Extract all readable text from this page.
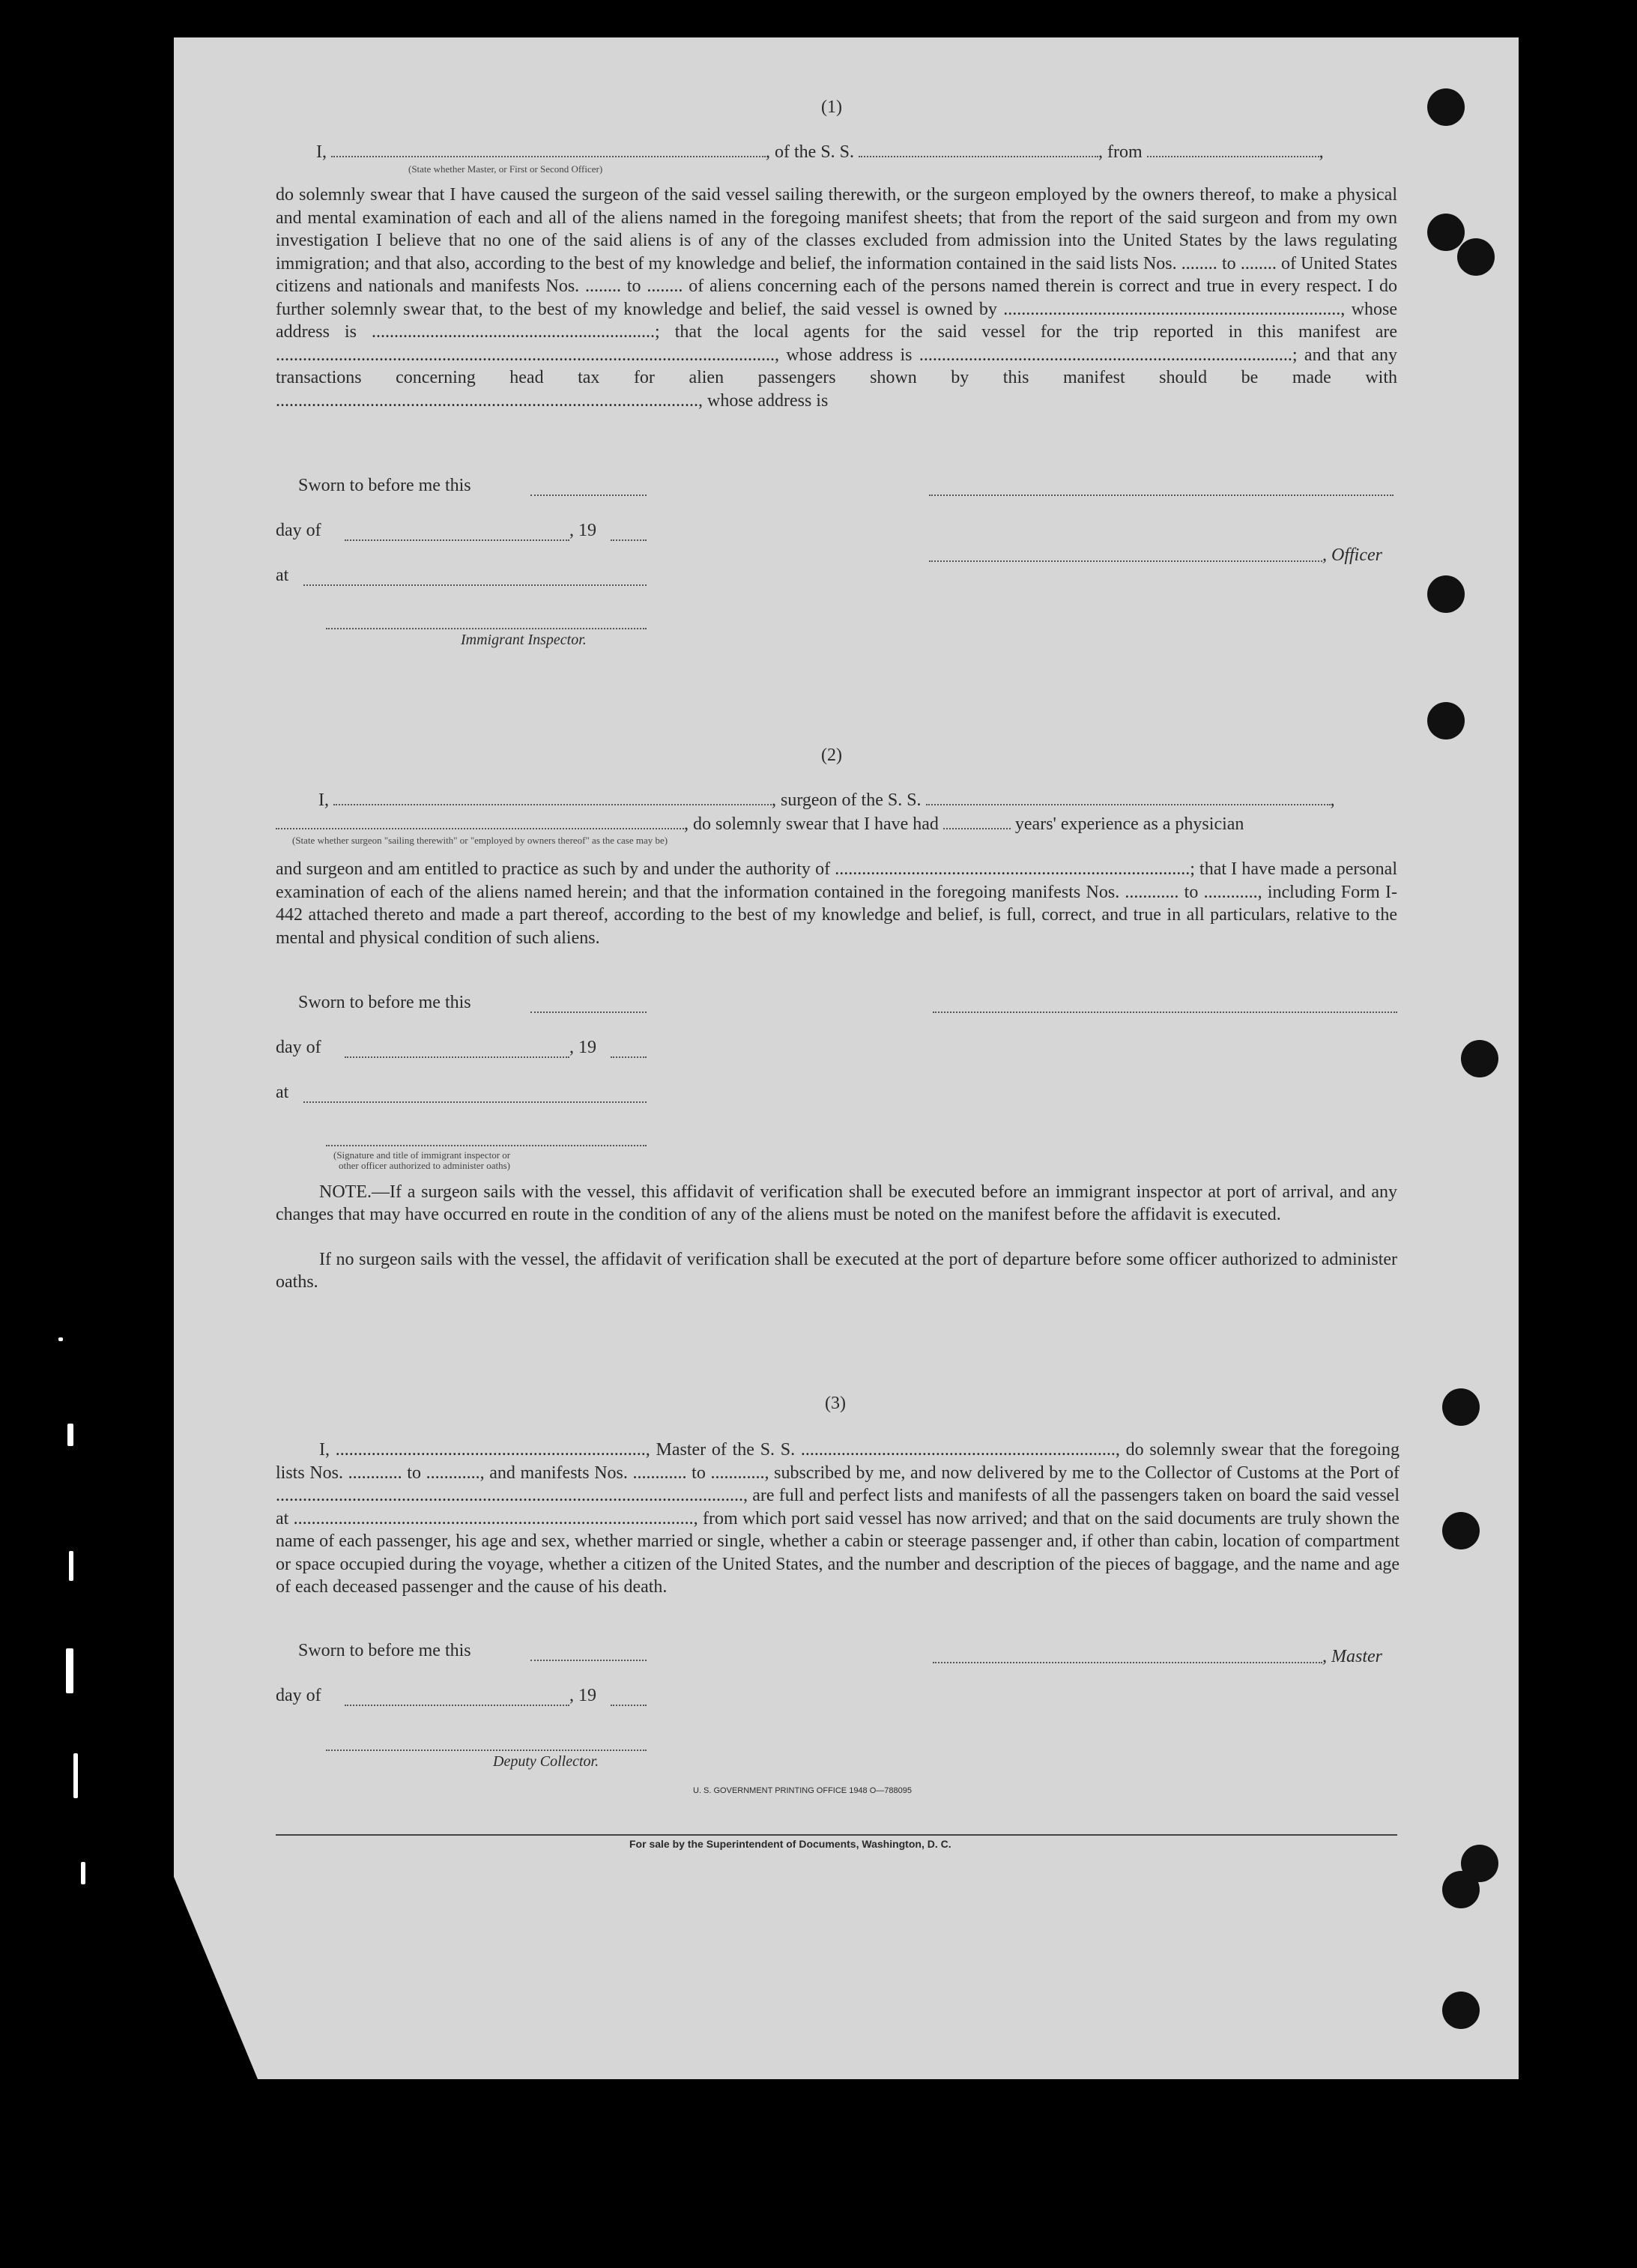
(1)
I,	, of the S. S.	, from	,
(State whether Master, or First or Second Officer)
do solemnly swear that I have caused the surgeon of the said vessel sailing therewith, or the surgeon employed by the owners thereof, to make a physical and mental examination of each and all of the aliens named in the foregoing manifest sheets; that from the report of the said surgeon and from my own investigation I believe that no one of the said aliens is of any of the classes excluded from admission into the United States by the laws regulating immigration; and that also, according to the best of my knowledge and belief, the information contained in the said lists Nos. ........ to ........ of United States citizens and nationals and manifests Nos. ........ to ........ of aliens concerning each of the persons named therein is correct and true in every respect. I do further solemnly swear that, to the best of my knowledge and belief, the said vessel is owned by ..........................................................................., whose address is ...............................................................; that the local agents for the said vessel for the trip reported in this manifest are ..............................................................................................................., whose address is ...................................................................................; and that any transactions concerning head tax for alien passengers shown by this manifest should be made with .............................................................................................., whose address is
Sworn to before me this
day of	, 19
, Officer
at
Immigrant Inspector.
(2)
I,	, surgeon of the S. S.	,
, do solemnly swear that I have had	years' experience as a physician
(State whether surgeon "sailing therewith" or "employed by owners thereof" as the case may be)
and surgeon and am entitled to practice as such by and under the authority of ...............................................................................; that I have made a personal examination of each of the aliens named herein; and that the information contained in the foregoing manifests Nos. ............ to ............, including Form I-442 attached thereto and made a part thereof, according to the best of my knowledge and belief, is full, correct, and true in all particulars, relative to the mental and physical condition of such aliens.
Sworn to before me this
day of	, 19
at
(Signature and title of immigrant inspector or
other officer authorized to administer oaths)
NOTE.—If a surgeon sails with the vessel, this affidavit of verification shall be executed before an immigrant inspector at port of arrival, and any changes that may have occurred en route in the condition of any of the aliens must be noted on the manifest before the affidavit is executed.
If no surgeon sails with the vessel, the affidavit of verification shall be executed at the port of departure before some officer authorized to administer oaths.
(3)
I, ....................................................................., Master of the S. S. ......................................................................, do solemnly swear that the foregoing lists Nos. ............ to ............, and manifests Nos. ............ to ............, subscribed by me, and now delivered by me to the Collector of Customs at the Port of ........................................................................................................, are full and perfect lists and manifests of all the passengers taken on board the said vessel at ........................................................................................., from which port said vessel has now arrived; and that on the said documents are truly shown the name of each passenger, his age and sex, whether married or single, whether a cabin or steerage passenger and, if other than cabin, location of compartment or space occupied during the voyage, whether a citizen of the United States, and the number and description of the pieces of baggage, and the name and age of each deceased passenger and the cause of his death.
Sworn to before me this	, Master
day of	, 19
Deputy Collector.
U. S. GOVERNMENT PRINTING OFFICE 1948 O—788095
For sale by the Superintendent of Documents, Washington, D. C.
